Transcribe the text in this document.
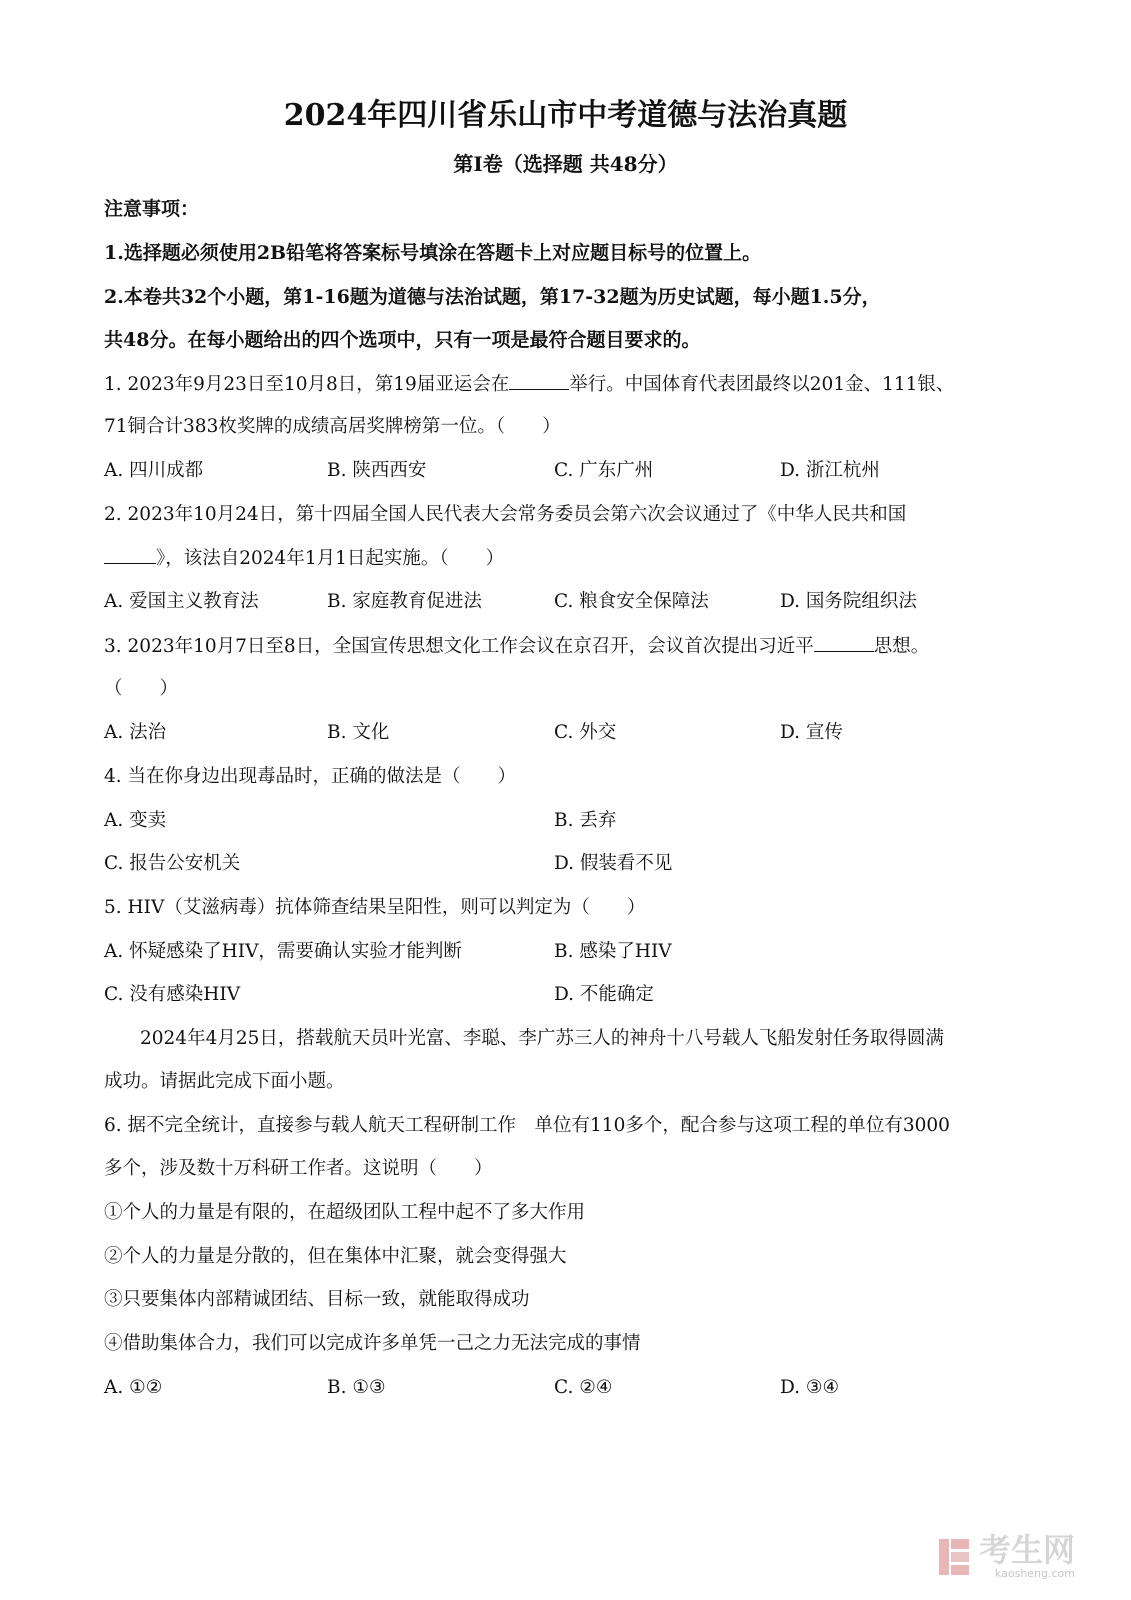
2024年四川省乐山市中考道德与法治真题
第Ⅰ卷（选择题 共48分）
注意事项：
1.选择题必须使用2B铅笔将答案标号填涂在答题卡上对应题目标号的位置上。
2.本卷共32个小题，第1-16题为道德与法治试题，第17-32题为历史试题，每小题1.5分，
共48分。在每小题给出的四个选项中，只有一项是最符合题目要求的。
1. 2023年9月23日至10月8日，第19届亚运会在	举行。中国体育代表团最终以201金、111银、
71铜合计383枚奖牌的成绩高居奖牌榜第一位。（　　）
A. 四川成都	B. 陕西西安	C. 广东广州	D. 浙江杭州
2. 2023年10月24日，第十四届全国人民代表大会常务委员会第六次会议通过了《中华人民共和国
》，该法自2024年1月1日起实施。（　　）
A. 爱国主义教育法	B. 家庭教育促进法	C. 粮食安全保障法	D. 国务院组织法
3. 2023年10月7日至8日，全国宣传思想文化工作会议在京召开，会议首次提出习近平	思想。
（　　）
A. 法治	B. 文化	C. 外交	D. 宣传
4. 当在你身边出现毒品时，正确的做法是（　　）
A. 变卖	B. 丢弃
C. 报告公安机关	D. 假装看不见
5. HIV（艾滋病毒）抗体筛查结果呈阳性，则可以判定为（　　）
A. 怀疑感染了HIV，需要确认实验才能判断	B. 感染了HIV
C. 没有感染HIV	D. 不能确定
2024年4月25日，搭载航天员叶光富、李聪、李广苏三人的神舟十八号载人飞船发射任务取得圆满
成功。请据此完成下面小题。
6. 据不完全统计，直接参与载人航天工程研制工作　单位有110多个，配合参与这项工程的单位有3000
多个，涉及数十万科研工作者。这说明（　　）
①个人的力量是有限的，在超级团队工程中起不了多大作用
②个人的力量是分散的，但在集体中汇聚，就会变得强大
③只要集体内部精诚团结、目标一致，就能取得成功
④借助集体合力，我们可以完成许多单凭一己之力无法完成的事情
A. ①②	B. ①③	C. ②④	D. ③④
考生网
kaosheng.com
